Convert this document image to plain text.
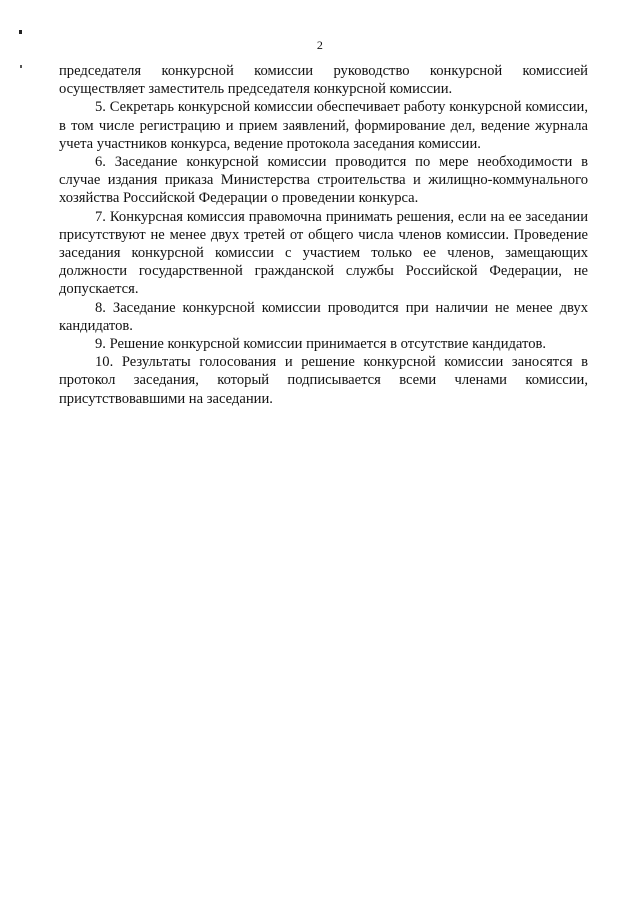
2

председателя конкурсной комиссии руководство конкурсной комиссией осуществляет заместитель председателя конкурсной комиссии.

5. Секретарь конкурсной комиссии обеспечивает работу конкурсной комиссии, в том числе регистрацию и прием заявлений, формирование дел, ведение журнала учета участников конкурса, ведение протокола заседания комиссии.

6. Заседание конкурсной комиссии проводится по мере необходимости в случае издания приказа Министерства строительства и жилищно-коммунального хозяйства Российской Федерации о проведении конкурса.

7. Конкурсная комиссия правомочна принимать решения, если на ее заседании присутствуют не менее двух третей от общего числа членов комиссии. Проведение заседания конкурсной комиссии с участием только ее членов, замещающих должности государственной гражданской службы Российской Федерации, не допускается.

8. Заседание конкурсной комиссии проводится при наличии не менее двух кандидатов.

9. Решение конкурсной комиссии принимается в отсутствие кандидатов.

10. Результаты голосования и решение конкурсной комиссии заносятся в протокол заседания, который подписывается всеми членами комиссии, присутствовавшими на заседании.
